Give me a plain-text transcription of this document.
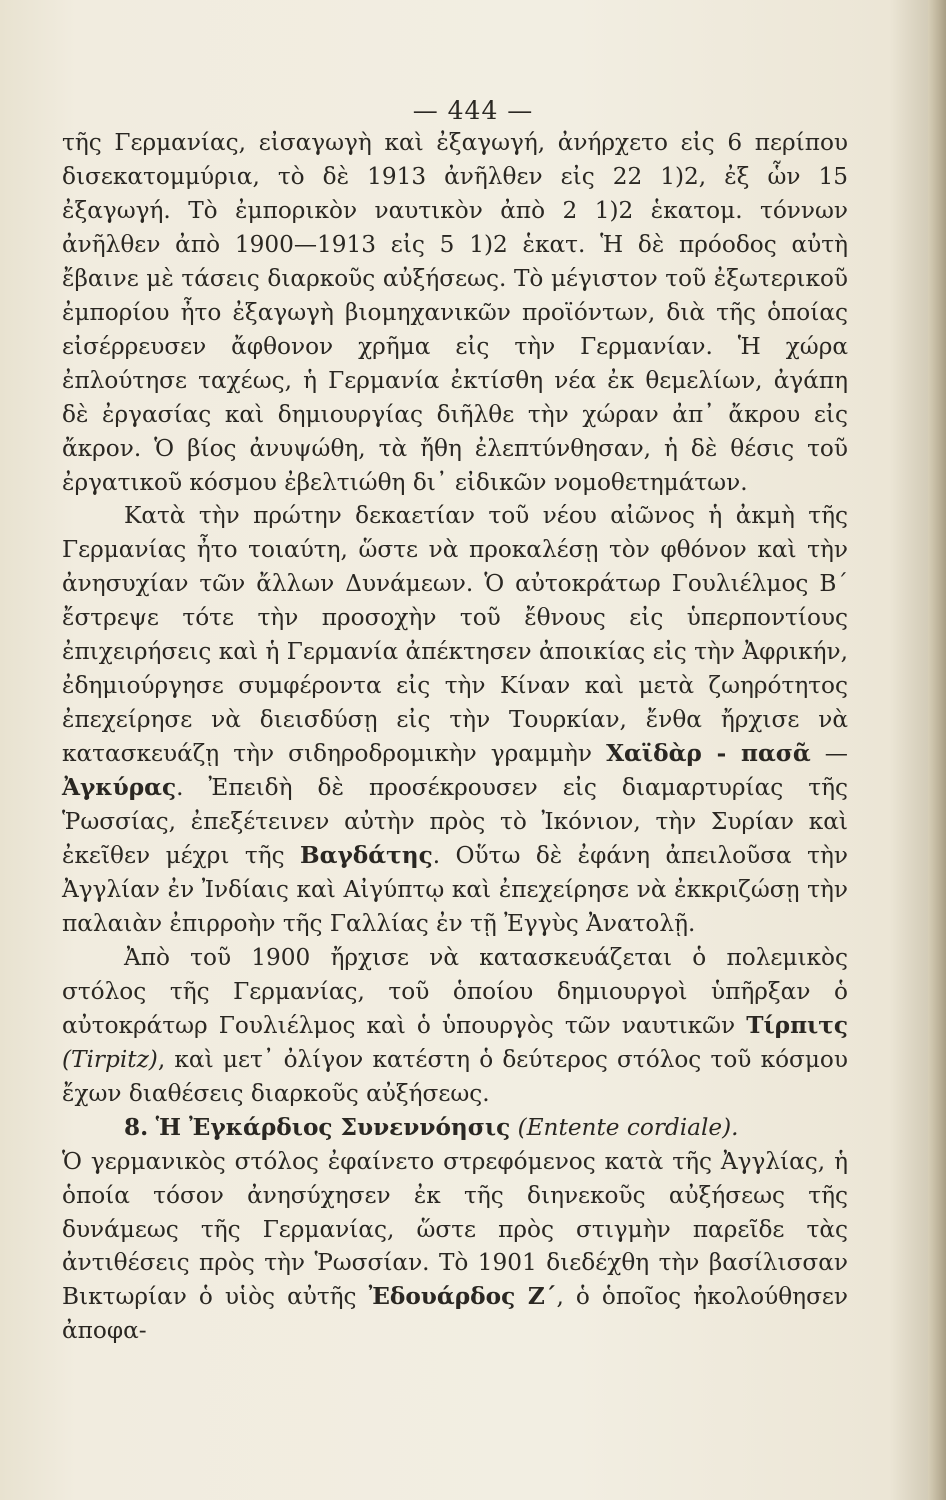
— 444 —

τῆς Γερμανίας, εἰσαγωγὴ καὶ ἐξαγωγή, ἀνήρχετο εἰς 6 περίπου δισεκατομμύρια, τὸ δὲ 1913 ἀνῆλθεν εἰς 22 1)2, ἐξ ὧν 15 ἐξαγωγή. Τὸ ἐμπορικὸν ναυτικὸν ἀπὸ 2 1)2 ἑκατομ. τόννων ἀνῆλθεν ἀπὸ 1900—1913 εἰς 5 1)2 ἑκατ. Ἡ δὲ πρόοδος αὐτὴ ἔβαινε μὲ τάσεις διαρκοῦς αὐξήσεως. Τὸ μέγιστον τοῦ ἐξωτερικοῦ ἐμπορίου ἦτο ἐξαγωγὴ βιομηχανικῶν προϊόντων, διὰ τῆς ὁποίας εἰσέρρευσεν ἄφθονον χρῆμα εἰς τὴν Γερμανίαν. Ἡ χώρα ἐπλούτησε ταχέως, ἡ Γερμανία ἐκτίσθη νέα ἐκ θεμελίων, ἀγάπη δὲ ἐργασίας καὶ δημιουργίας διῆλθε τὴν χώραν ἀπ᾽ ἄκρου εἰς ἄκρον. Ὁ βίος ἀνυψώθη, τὰ ἤθη ἐλεπτύνθησαν, ἡ δὲ θέσις τοῦ ἐργατικοῦ κόσμου ἐβελτιώθη δι᾽ εἰδικῶν νομοθετημάτων.

Κατὰ τὴν πρώτην δεκαετίαν τοῦ νέου αἰῶνος ἡ ἀκμὴ τῆς Γερμανίας ἦτο τοιαύτη, ὥστε νὰ προκαλέσῃ τὸν φθόνον καὶ τὴν ἀνησυχίαν τῶν ἄλλων Δυνάμεων. Ὁ αὐτοκράτωρ Γουλιέλμος Β΄ ἔστρεψε τότε τὴν προσοχὴν τοῦ ἔθνους εἰς ὑπερποντίους ἐπιχειρήσεις καὶ ἡ Γερμανία ἀπέκτησεν ἀποικίας εἰς τὴν Ἀφρικήν, ἐδημιούργησε συμφέροντα εἰς τὴν Κίναν καὶ μετὰ ζωηρότητος ἐπεχείρησε νὰ διεισδύσῃ εἰς τὴν Τουρκίαν, ἔνθα ἤρχισε νὰ κατασκευάζῃ τὴν σιδηροδρομικὴν γραμμὴν Χαϊδὰρ - πασᾶ —Ἀγκύρας. Ἐπειδὴ δὲ προσέκρουσεν εἰς διαμαρτυρίας τῆς Ῥωσσίας, ἐπεξέτεινεν αὐτὴν πρὸς τὸ Ἰκόνιον, τὴν Συρίαν καὶ ἐκεῖθεν μέχρι τῆς Βαγδάτης. Οὕτω δὲ ἐφάνη ἀπειλοῦσα τὴν Ἀγγλίαν ἐν Ἰνδίαις καὶ Αἰγύπτῳ καὶ ἐπεχείρησε νὰ ἐκκριζώσῃ τὴν παλαιὰν ἐπιρροὴν τῆς Γαλλίας ἐν τῇ Ἐγγὺς Ἀνατολῇ.

Ἀπὸ τοῦ 1900 ἤρχισε νὰ κατασκευάζεται ὁ πολεμικὸς στόλος τῆς Γερμανίας, τοῦ ὁποίου δημιουργοὶ ὑπῆρξαν ὁ αὐτοκράτωρ Γουλιέλμος καὶ ὁ ὑπουργὸς τῶν ναυτικῶν Τίρπιτς (Tirpitz), καὶ μετ᾽ ὀλίγον κατέστη ὁ δεύτερος στόλος τοῦ κόσμου ἔχων διαθέσεις διαρκοῦς αὐξήσεως.

8. Ἡ Ἐγκάρδιος Συνεννόησις (Entente cordiale).

Ὁ γερμανικὸς στόλος ἐφαίνετο στρεφόμενος κατὰ τῆς Ἀγγλίας, ἡ ὁποία τόσον ἀνησύχησεν ἐκ τῆς διηνεκοῦς αὐξήσεως τῆς δυνάμεως τῆς Γερμανίας, ὥστε πρὸς στιγμὴν παρεῖδε τὰς ἀντιθέσεις πρὸς τὴν Ῥωσσίαν. Τὸ 1901 διεδέχθη τὴν βασίλισσαν Βικτωρίαν ὁ υἱὸς αὐτῆς Ἐδουάρδος Ζ΄, ὁ ὁποῖος ἠκολούθησεν ἀποφα-
